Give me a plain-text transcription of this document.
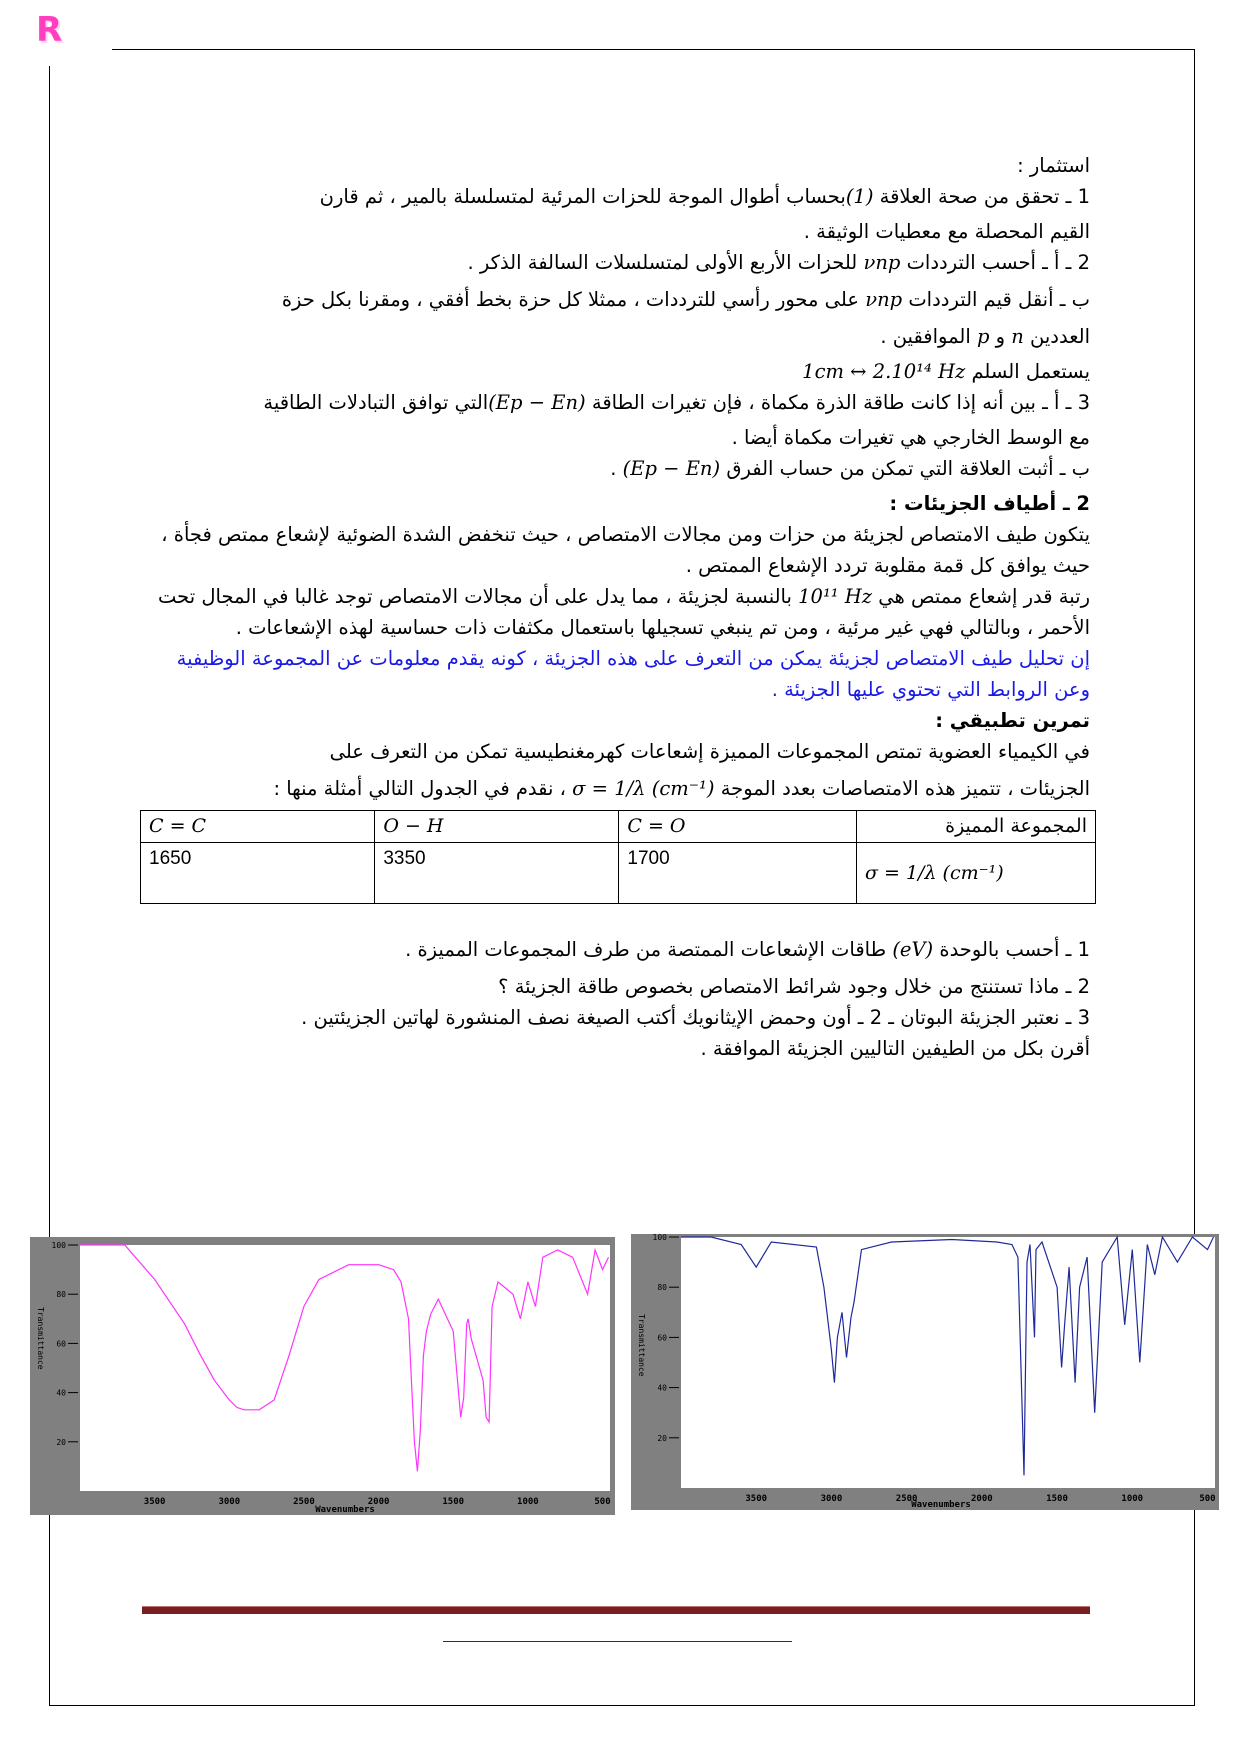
R

استثمار :

1 ـ تحقق من صحة العلاقة (1)بحساب أطوال الموجة للحزات المرئية لمتسلسلة بالمير ، ثم قارن

القيم المحصلة مع معطيات الوثيقة .

2 ـ أ ـ أحسب الترددات νnp للحزات الأربع الأولى لمتسلسلات السالفة الذكر .

ب ـ أنقل قيم الترددات νnp على محور رأسي للترددات ، ممثلا كل حزة بخط أفقي ، ومقرنا بكل حزة

العددين n و p الموافقين .

يستعمل السلم 1cm ↔ 2.10¹⁴ Hz

3 ـ أ ـ بين أنه إذا كانت طاقة الذرة مكماة ، فإن تغيرات الطاقة (Ep − En)التي توافق التبادلات الطاقية

مع الوسط الخارجي هي تغيرات مكماة أيضا .

ب ـ أثبت العلاقة التي تمكن من حساب الفرق (Ep − En) .

2 ـ أطياف الجزيئات :

يتكون طيف الامتصاص لجزيئة من حزات ومن مجالات الامتصاص ، حيث تنخفض الشدة الضوئية لإشعاع ممتص فجأة ، حيث يوافق كل قمة مقلوبة تردد الإشعاع الممتص .

رتبة قدر إشعاع ممتص هي 10¹¹ Hz بالنسبة لجزيئة ، مما يدل على أن مجالات الامتصاص توجد غالبا في المجال تحت الأحمر ، وبالتالي فهي غير مرئية ، ومن تم ينبغي تسجيلها باستعمال مكثفات ذات حساسية لهذه الإشعاعات .

إن تحليل طيف الامتصاص لجزيئة يمكن من التعرف على هذه الجزيئة ، كونه يقدم معلومات عن المجموعة الوظيفية وعن الروابط التي تحتوي عليها الجزيئة .

تمرين تطبيقي :

في الكيمياء العضوية تمتص المجموعات المميزة إشعاعات كهرمغنطيسية تمكن من التعرف على

الجزيئات ، تتميز هذه الامتصاصات بعدد الموجة σ = 1/λ (cm⁻¹) ، نقدم في الجدول التالي أمثلة منها :

المجموعة المميزة	C = O	O − H	C = C
σ = 1/λ (cm⁻¹)	1700	3350	1650

1 ـ أحسب بالوحدة (eV) طاقات الإشعاعات الممتصة من طرف المجموعات المميزة .

2 ـ ماذا تستنتج من خلال وجود شرائط الامتصاص بخصوص طاقة الجزيئة ؟

3 ـ نعتبر الجزيئة البوتان ـ 2 ـ أون وحمض الإيثانويك أكتب الصيغة نصف المنشورة لهاتين الجزيئتين .

أقرن بكل من الطيفين التاليين الجزيئة الموافقة .

Transmittance
100
80
60
40
20
3500	3000	2500	2000	1500	1000	500
Wavenumbers
Transmittance
100
80
60
40
20
3500	3000	2500	2000	1500	1000	500
Wavenumbers
